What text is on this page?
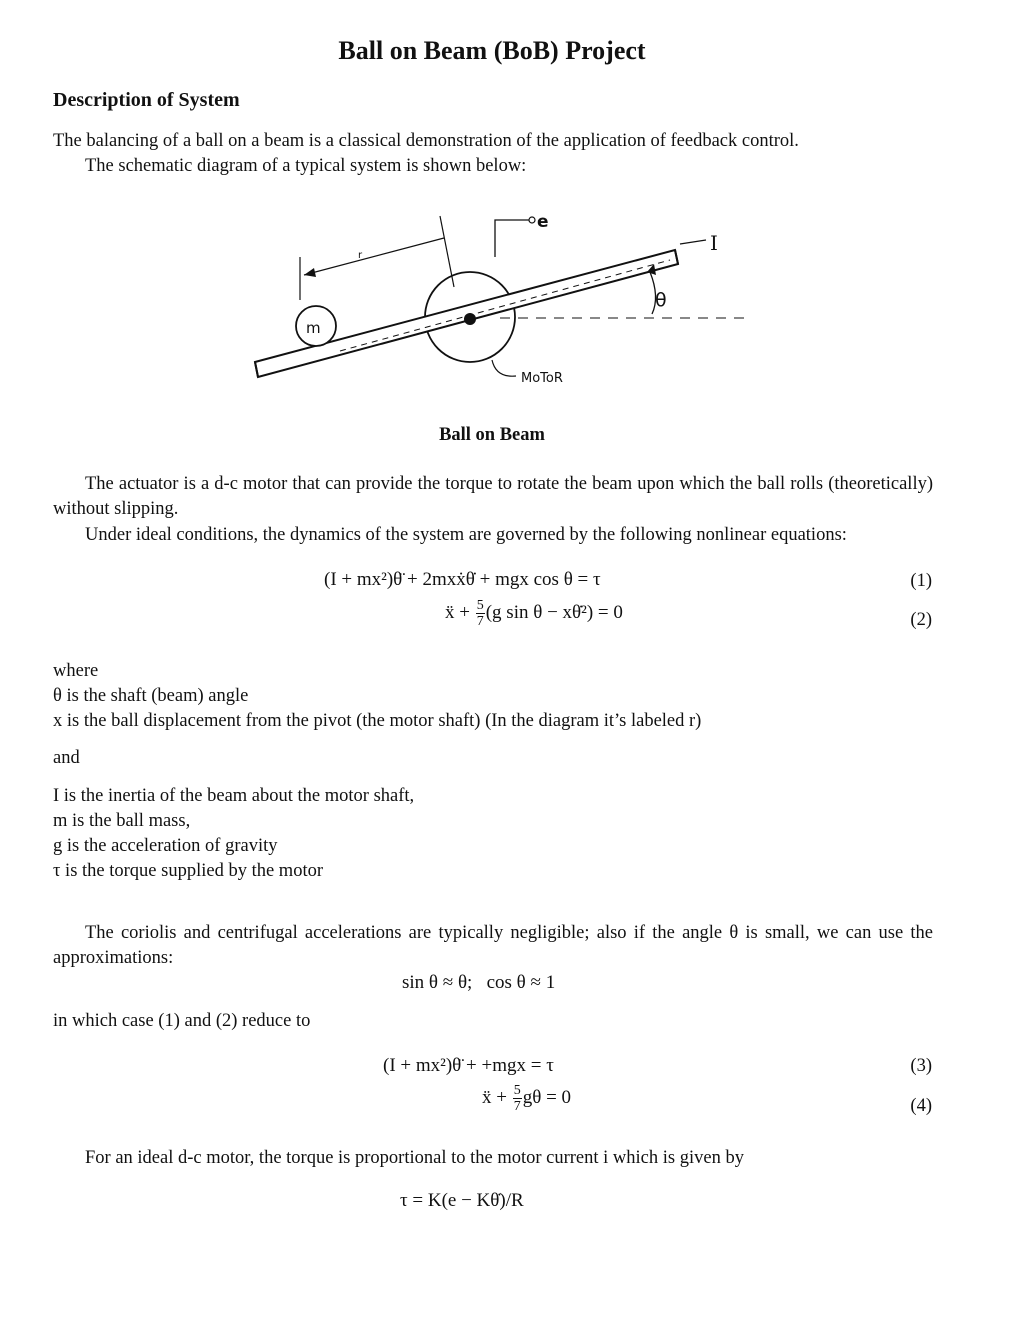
Ball on Beam (BoB) Project
Description of System
The balancing of a ball on a beam is a classical demonstration of the application of feedback control.
The schematic diagram of a typical system is shown below:
m
r
e
I
θ
MoToR
Ball on Beam
The actuator is a d-c motor that can provide the torque to rotate the beam upon which the ball rolls (theoretically) without slipping.
Under ideal conditions, the dynamics of the system are governed by the following nonlinear equations:
(I + mx²)θ̈ + 2mxẋθ̇ + mgx cos θ = τ	(1)
ẍ + $\frac{5}{7} (g$ sin θ − xθ̇²) = 0	(2)
where
θ is the shaft (beam) angle
x is the ball displacement from the pivot (the motor shaft) (In the diagram it’s labeled r)
and
I is the inertia of the beam about the motor shaft,
m is the ball mass,
g is the acceleration of gravity
τ is the torque supplied by the motor
The coriolis and centrifugal accelerations are typically negligible; also if the angle θ is small, we can use the approximations:
sin θ ≈ θ;   cos θ ≈ 1
in which case (1) and (2) reduce to
(I + mx²)θ̈ + +mgx = τ	(3)
ẍ + $\frac{5}{7}$ gθ = 0	(4)
For an ideal d-c motor, the torque is proportional to the motor current i which is given by
τ = K(e − Kθ̇)/R
